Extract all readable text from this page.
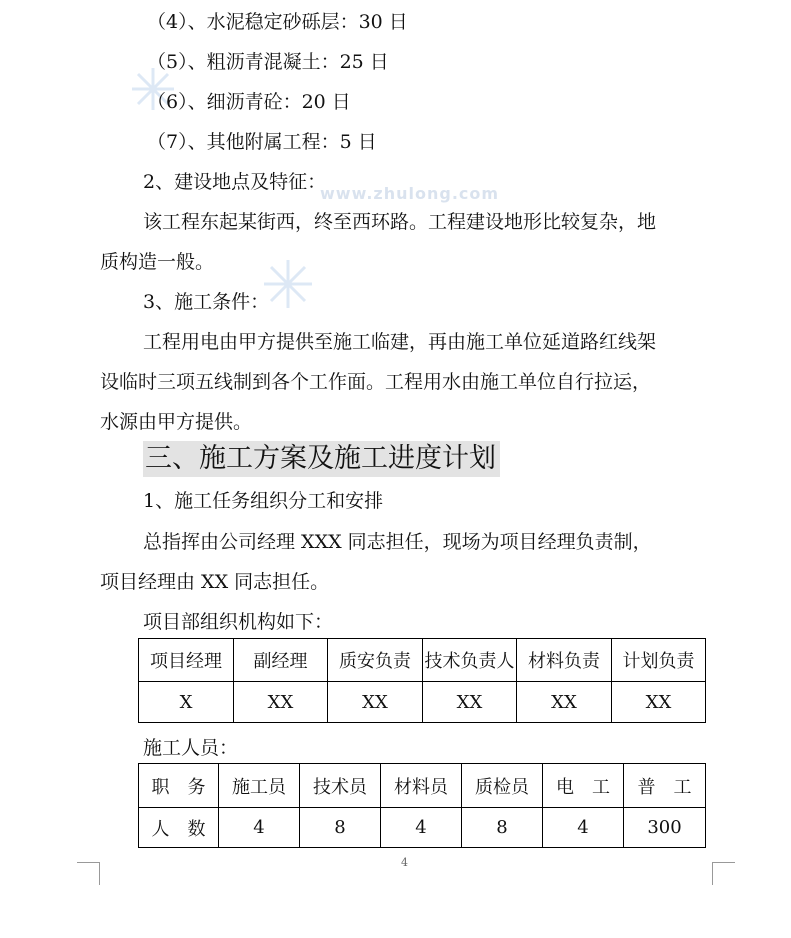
www.zhulong.com
（4）、水泥稳定砂砾层：30 日
（5）、粗沥青混凝土：25 日
（6）、细沥青砼：20 日
（7）、其他附属工程：5 日
2、建设地点及特征：
该工程东起某街西，终至西环路。工程建设地形比较复杂，地
质构造一般。
3、施工条件：
工程用电由甲方提供至施工临建，再由施工单位延道路红线架
设临时三项五线制到各个工作面。工程用水由施工单位自行拉运，
水源由甲方提供。
三、施工方案及施工进度计划
1、施工任务组织分工和安排
总指挥由公司经理 XXX 同志担任，现场为项目经理负责制，
项目经理由 XX 同志担任。
项目部组织机构如下：
项目经理	副经理	质安负责	技术负责人	材料负责	计划负责
X	XX	XX	XX	XX	XX
施工人员：
职　务	施工员	技术员	材料员	质检员	电　工	普　工
人　数	4	8	4	8	4	300
4
